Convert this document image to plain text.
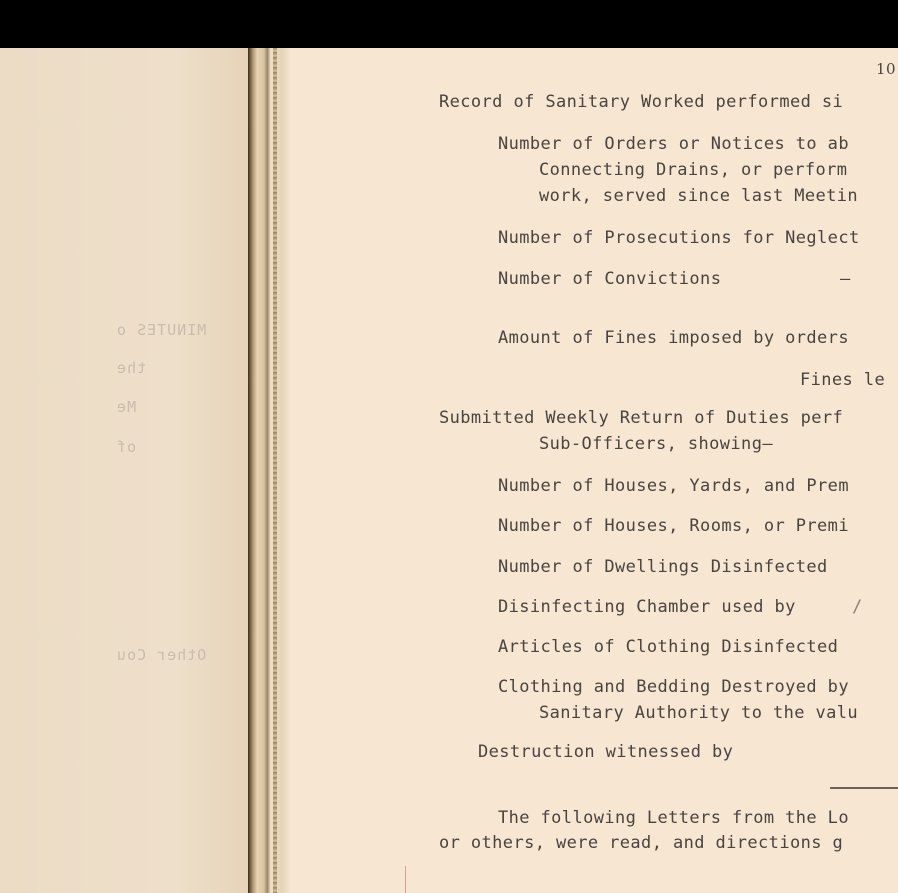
MINUTES o
the
Me
of
Other Cou
10
Record of Sanitary Worked performed si
Number of Orders or Notices to ab
Connecting Drains, or perform
work, served since last Meetin
Number of Prosecutions for Neglect
Number of Convictions	–
Amount of Fines imposed by orders
Fines le
Submitted Weekly Return of Duties perf
Sub-Officers, showing—
Number of Houses, Yards, and Prem
Number of Houses, Rooms, or Premi
Number of Dwellings Disinfected
Disinfecting Chamber used by	/
Articles of Clothing Disinfected
Clothing and Bedding Destroyed by
Sanitary Authority to the valu
Destruction witnessed by
The following Letters from the Lo
or others, were read, and directions g
